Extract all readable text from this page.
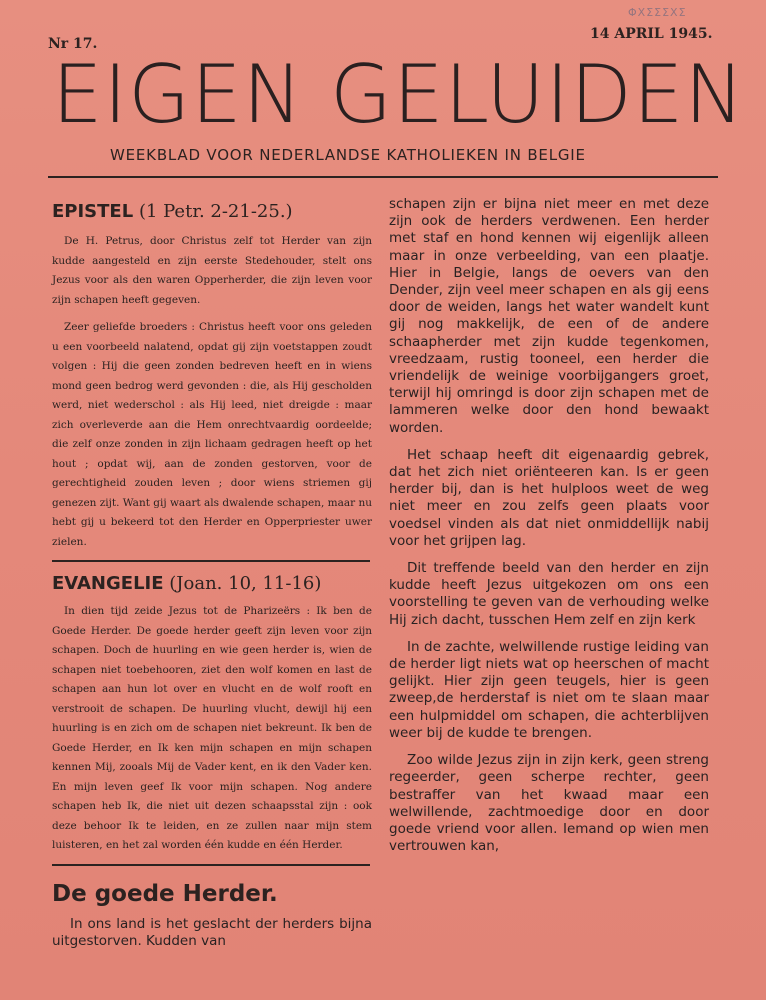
ΦΧΣΣΣΧΣ
Nr 17.
14 APRIL 1945.
EIGEN GELUIDEN
WEEKBLAD VOOR NEDERLANDSE KATHOLIEKEN IN BELGIE
EPISTEL (1 Petr. 2-21-25.)

De H. Petrus, door Christus zelf tot Herder van zijn kudde aangesteld en zijn eerste Stedehouder, stelt ons Jezus voor als den waren Opperherder, die zijn leven voor zijn schapen heeft gegeven.

Zeer geliefde broeders : Christus heeft voor ons geleden u een voorbeeld nalatend, opdat gij zijn voetstappen zoudt volgen : Hij die geen zonden bedreven heeft en in wiens mond geen bedrog werd gevonden : die, als Hij gescholden werd, niet wederschol : als Hij leed, niet dreigde : maar zich overleverde aan die Hem onrechtvaardig oordeelde; die zelf onze zonden in zijn lichaam gedragen heeft op het hout ; opdat wij, aan de zonden gestorven, voor de gerechtigheid zouden leven ; door wiens striemen gij genezen zijt. Want gij waart als dwalende schapen, maar nu hebt gij u bekeerd tot den Herder en Opperpriester uwer zielen.

EVANGELIE (Joan. 10, 11-16)

In dien tijd zeide Jezus tot de Pharizeërs : Ik ben de Goede Herder. De goede herder geeft zijn leven voor zijn schapen. Doch de huurling en wie geen herder is, wien de schapen niet toebehooren, ziet den wolf komen en last de schapen aan hun lot over en vlucht en de wolf rooft en verstrooit de schapen. De huurling vlucht, dewijl hij een huurling is en zich om de schapen niet bekreunt. Ik ben de Goede Herder, en Ik ken mijn schapen en mijn schapen kennen Mij, zooals Mij de Vader kent, en ik den Vader ken. En mijn leven geef Ik voor mijn schapen. Nog andere schapen heb Ik, die niet uit dezen schaapsstal zijn : ook deze behoor Ik te leiden, en ze zullen naar mijn stem luisteren, en het zal worden één kudde en één Herder.

De goede Herder.

In ons land is het geslacht der herders bijna uitgestorven. Kudden van

schapen zijn er bijna niet meer en met deze zijn ook de herders verdwenen. Een herder met staf en hond kennen wij eigenlijk alleen maar in onze verbeelding, van een plaatje. Hier in Belgie, langs de oevers van den Dender, zijn veel meer schapen en als gij eens door de weiden, langs het water wandelt kunt gij nog makkelijk, de een of de andere schaapherder met zijn kudde tegenkomen, vreedzaam, rustig tooneel, een herder die vriendelijk de weinige voorbijgangers groet, terwijl hij omringd is door zijn schapen met de lammeren welke door den hond bewaakt worden.

Het schaap heeft dit eigenaardig gebrek, dat het zich niet oriënteeren kan. Is er geen herder bij, dan is het hulploos weet de weg niet meer en zou zelfs geen plaats voor voedsel vinden als dat niet onmiddellijk nabij voor het grijpen lag.

Dit treffende beeld van den herder en zijn kudde heeft Jezus uitgekozen om ons een voorstelling te geven van de verhouding welke Hij zich dacht, tusschen Hem zelf en zijn kerk

In de zachte, welwillende rustige leiding van de herder ligt niets wat op heerschen of macht gelijkt. Hier zijn geen teugels, hier is geen zweep,de herderstaf is niet om te slaan maar een hulpmiddel om schapen, die achterblijven weer bij de kudde te brengen.

Zoo wilde Jezus zijn in zijn kerk, geen streng regeerder, geen scherpe rechter, geen bestraffer van het kwaad maar een welwillende, zachtmoedige door en door goede vriend voor allen. Iemand op wien men vertrouwen kan,
